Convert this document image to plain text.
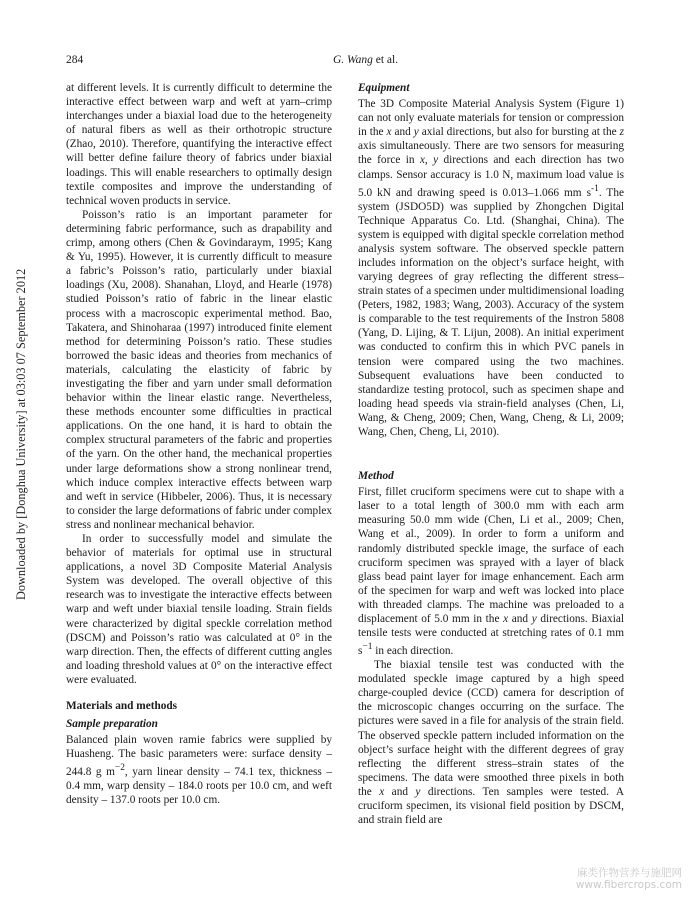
Downloaded by [Donghua University] at 03:03 07 September 2012
284	G. Wang et al.

at different levels. It is currently difficult to determine the interactive effect between warp and weft at yarn–crimp interchanges under a biaxial load due to the heterogeneity of natural fibers as well as their orthotropic structure (Zhao, 2010). Therefore, quantifying the interactive effect will better define failure theory of fabrics under biaxial loadings. This will enable researchers to optimally design textile composites and improve the understanding of technical woven products in service.

Poisson’s ratio is an important parameter for determining fabric performance, such as drapability and crimp, among others (Chen & Govindaraym, 1995; Kang & Yu, 1995). However, it is currently difficult to measure a fabric’s Poisson’s ratio, particularly under biaxial loadings (Xu, 2008). Shanahan, Lloyd, and Hearle (1978) studied Poisson’s ratio of fabric in the linear elastic process with a macroscopic experimental method. Bao, Takatera, and Shinoharaa (1997) introduced finite element method for determining Poisson’s ratio. These studies borrowed the basic ideas and theories from mechanics of materials, calculating the elasticity of fabric by investigating the fiber and yarn under small deformation behavior within the linear elastic range. Nevertheless, these methods encounter some difficulties in practical applications. On the one hand, it is hard to obtain the complex structural parameters of the fabric and properties of the yarn. On the other hand, the mechanical properties under large deformations show a strong nonlinear trend, which induce complex interactive effects between warp and weft in service (Hibbeler, 2006). Thus, it is necessary to consider the large deformations of fabric under complex stress and nonlinear mechanical behavior.

In order to successfully model and simulate the behavior of materials for optimal use in structural applications, a novel 3D Composite Material Analysis System was developed. The overall objective of this research was to investigate the interactive effects between warp and weft under biaxial tensile loading. Strain fields were characterized by digital speckle correlation method (DSCM) and Poisson’s ratio was calculated at 0° in the warp direction. Then, the effects of different cutting angles and loading threshold values at 0° on the interactive effect were evaluated.

Materials and methods

Sample preparation

Balanced plain woven ramie fabrics were supplied by Huasheng. The basic parameters were: surface density – 244.8 g $m^{-2}$, yarn linear density – 74.1 tex, thickness – 0.4 mm, warp density – 184.0 roots per 10.0 cm, and weft density – 137.0 roots per 10.0 cm.

Equipment

The 3D Composite Material Analysis System (Figure 1) can not only evaluate materials for tension or compression in the x and y axial directions, but also for bursting at the z axis simultaneously. There are two sensors for measuring the force in x, y directions and each direction has two clamps. Sensor accuracy is 1.0 N, maximum load value is 5.0 kN and drawing speed is 0.013–1.066 mm $s^{-1}$. The system (JSDO5D) was supplied by Zhongchen Digital Technique Apparatus Co. Ltd. (Shanghai, China). The system is equipped with digital speckle correlation method analysis system software. The observed speckle pattern includes information on the object’s surface height, with varying degrees of gray reflecting the different stress–strain states of a specimen under multidimensional loading (Peters, 1982, 1983; Wang, 2003). Accuracy of the system is comparable to the test requirements of the Instron 5808 (Yang, D. Lijing, & T. Lijun, 2008). An initial experiment was conducted to confirm this in which PVC panels in tension were compared using the two machines. Subsequent evaluations have been conducted to standardize testing protocol, such as specimen shape and loading head speeds via strain-field analyses (Chen, Li, Wang, & Cheng, 2009; Chen, Wang, Cheng, & Li, 2009; Wang, Chen, Cheng, Li, 2010).

Method

First, fillet cruciform specimens were cut to shape with a laser to a total length of 300.0 mm with each arm measuring 50.0 mm wide (Chen, Li et al., 2009; Chen, Wang et al., 2009). In order to form a uniform and randomly distributed speckle image, the surface of each cruciform specimen was sprayed with a layer of black glass bead paint layer for image enhancement. Each arm of the specimen for warp and weft was locked into place with threaded clamps. The machine was preloaded to a displacement of 5.0 mm in the x and y directions. Biaxial tensile tests were conducted at stretching rates of 0.1 mm $s^{-1}$ in each direction.

The biaxial tensile test was conducted with the modulated speckle image captured by a high speed charge-coupled device (CCD) camera for description of the microscopic changes occurring on the surface. The pictures were saved in a file for analysis of the strain field. The observed speckle pattern included information on the object’s surface height with the different degrees of gray reflecting the different stress–strain states of the specimens. The data were smoothed three pixels in both the x and y directions. Ten samples were tested. A cruciform specimen, its visional field position by DSCM, and strain field are

麻类作物营养与施肥网
www.fibercrops.com
